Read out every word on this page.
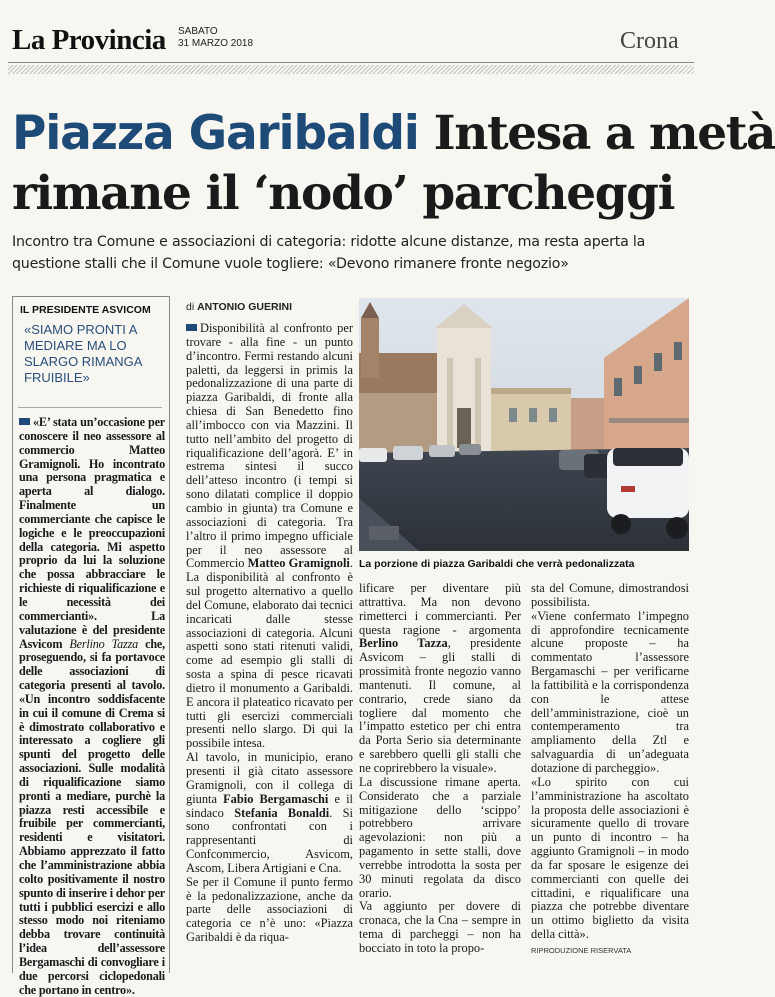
La Provincia SABATO
31 MARZO 2018	Crona
Piazza Garibaldi Intesa a metà
rimane il ‘nodo’ parcheggi
Incontro tra Comune e associazioni di categoria: ridotte alcune distanze, ma resta aperta la questione stalli che il Comune vuole togliere: «Devono rimanere fronte negozio»
IL PRESIDENTE ASVICOM
«SIAMO PRONTI A MEDIARE MA LO SLARGO RIMANGA FRUIBILE»
«E’ stata un’occasione per conoscere il neo assessore al commercio Matteo Gramignoli. Ho incontrato una persona pragmatica e aperta al dialogo. Finalmente un commerciante che capisce le logiche e le preoccupazioni della categoria. Mi aspetto proprio da lui la soluzione che possa abbracciare le richieste di riqualificazione e le necessità dei commercianti». La valutazione è del presidente Asvicom Berlino Tazza che, proseguendo, si fa portavoce delle associazioni di categoria presenti al tavolo. «Un incontro soddisfacente in cui il comune di Crema si è dimostrato collaborativo e interessato a cogliere gli spunti del progetto delle associazioni. Sulle modalità di riqualificazione siamo pronti a mediare, purchè la piazza resti accessibile e fruibile per commercianti, residenti e visitatori. Abbiamo apprezzato il fatto che l’amministrazione abbia colto positivamente il nostro spunto di inserire i dehor per tutti i pubblici esercizi e allo stesso modo noi riteniamo debba trovare continuità l’idea dell’assessore Bergamaschi di convogliare i due percorsi ciclopedonali che portano in centro».
di ANTONIO GUERINI
Disponibilità al confronto per trovare - alla fine - un punto d’incontro. Fermi restando alcuni paletti, da leggersi in primis la pedonalizzazione di una parte di piazza Garibaldi, di fronte alla chiesa di San Benedetto fino all’imbocco con via Mazzini. Il tutto nell’ambito del progetto di riqualificazione dell’agorà. E’ in estrema sintesi il succo dell’atteso incontro (i tempi si sono dilatati complice il doppio cambio in giunta) tra Comune e associazioni di categoria. Tra l’altro il primo impegno ufficiale per il neo assessore al Commercio Matteo Gramignoli. La disponibilità al confronto è sul progetto alternativo a quello del Comune, elaborato dai tecnici incaricati dalle stesse associazioni di categoria. Alcuni aspetti sono stati ritenuti validi, come ad esempio gli stalli di sosta a spina di pesce ricavati dietro il monumento a Garibaldi. E ancora il plateatico ricavato per tutti gli esercizi commerciali presenti nello slargo. Di qui la possibile intesa.
Al tavolo, in municipio, erano presenti il già citato assessore Gramignoli, con il collega di giunta Fabio Bergamaschi e il sindaco Stefania Bonaldi. Si sono confrontati con i rappresentanti di Confcommercio, Asvicom, Ascom, Libera Artigiani e Cna.
Se per il Comune il punto fermo è la pedonalizzazione, anche da parte delle associazioni di categoria ce n’è uno: «Piazza Garibaldi è da riqua-
La porzione di piazza Garibaldi che verrà pedonalizzata
lificare per diventare più attrattiva. Ma non devono rimetterci i commercianti. Per questa ragione - argomenta Berlino Tazza, presidente Asvicom – gli stalli di prossimità fronte negozio vanno mantenuti. Il comune, al contrario, crede siano da togliere dal momento che l’impatto estetico per chi entra da Porta Serio sia determinante e sarebbero quelli gli stalli che ne coprirebbero la visuale».
La discussione rimane aperta. Considerato che a parziale mitigazione dello ‘scippo’ potrebbero arrivare agevolazioni: non più a pagamento in sette stalli, dove verrebbe introdotta la sosta per 30 minuti regolata da disco orario.
Va aggiunto per dovere di cronaca, che la Cna – sempre in tema di parcheggi – non ha bocciato in toto la propo-
sta del Comune, dimostrandosi possibilista.
«Viene confermato l’impegno di approfondire tecnicamente alcune proposte – ha commentato l’assessore Bergamaschi – per verificarne la fattibilità e la corrispondenza con le attese dell’amministrazione, cioè un contemperamento tra ampliamento della Ztl e salvaguardia di un’adeguata dotazione di parcheggio».
«Lo spirito con cui l’amministrazione ha ascoltato la proposta delle associazioni è sicuramente quello di trovare un punto di incontro – ha aggiunto Gramignoli – in modo da far sposare le esigenze dei commercianti con quelle dei cittadini, e riqualificare una piazza che potrebbe diventare un ottimo biglietto da visita della città».
RIPRODUZIONE RISERVATA
